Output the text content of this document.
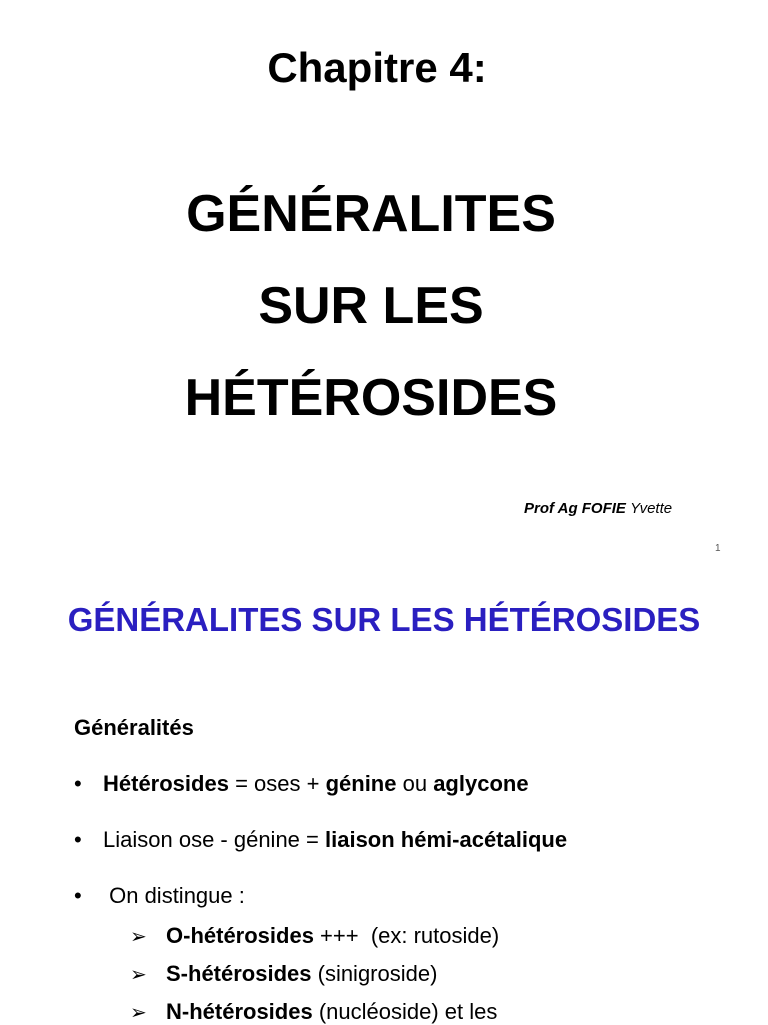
Chapitre 4:
GÉNÉRALITES
SUR LES
HÉTÉROSIDES
Prof Ag FOFIE Yvette
1
GÉNÉRALITES SUR LES HÉTÉROSIDES
Généralités
• Hétérosides = oses + génine ou aglycone
• Liaison ose - génine = liaison hémi-acétalique
• On distingue :
➢ O-hétérosides +++  (ex: rutoside)
➢ S-hétérosides (sinigroside)
➢ N-hétérosides (nucléoside) et les
